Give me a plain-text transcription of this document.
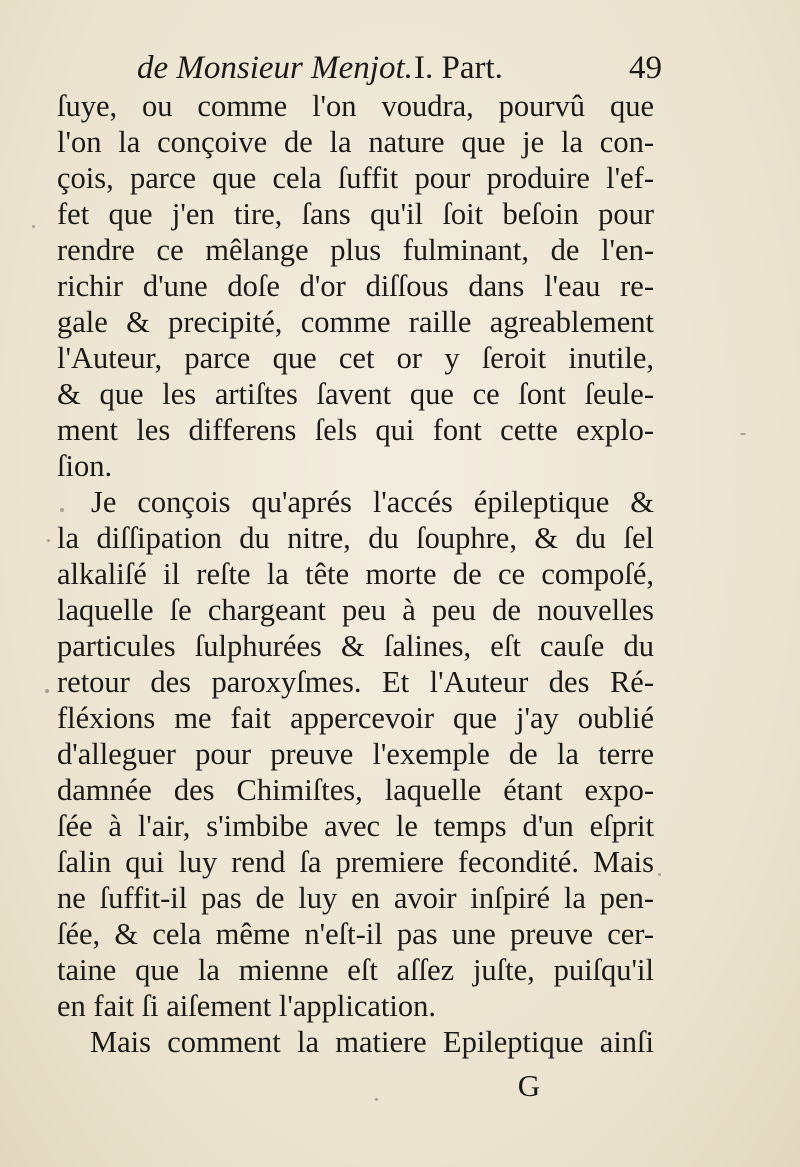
de Monsieur Menjot. I. Part.	49
ſuye, ou comme l'on voudra, pourvû que
l'on la conçoive de la nature que je la con-
çois, parce que cela ſuffit pour produire l'ef-
fet que j'en tire, ſans qu'il ſoit beſoin pour
rendre ce mêlange plus fulminant, de l'en-
richir d'une doſe d'or diſſous dans l'eau re-
gale & precipité, comme raille agreablement
l'Auteur, parce que cet or y ſeroit inutile,
& que les artiſtes ſavent que ce ſont ſeule-
ment les differens ſels qui font cette explo-
ſion.
Je conçois qu'aprés l'accés épileptique &
la diſſipation du nitre, du ſouphre, & du ſel
alkaliſé il reſte la tête morte de ce compoſé,
laquelle ſe chargeant peu à peu de nouvelles
particules ſulphurées & ſalines, eſt cauſe du
retour des paroxyſmes. Et l'Auteur des Ré-
fléxions me fait appercevoir que j'ay oublié
d'alleguer pour preuve l'exemple de la terre
damnée des Chimiſtes, laquelle étant expo-
ſée à l'air, s'imbibe avec le temps d'un eſprit
ſalin qui luy rend ſa premiere fecondité. Mais
ne ſuffit-il pas de luy en avoir inſpiré la pen-
ſée, & cela même n'eſt-il pas une preuve cer-
taine que la mienne eſt aſſez juſte, puiſqu'il
en fait ſi aiſement l'application.
Mais comment la matiere Epileptique ainſi
G
